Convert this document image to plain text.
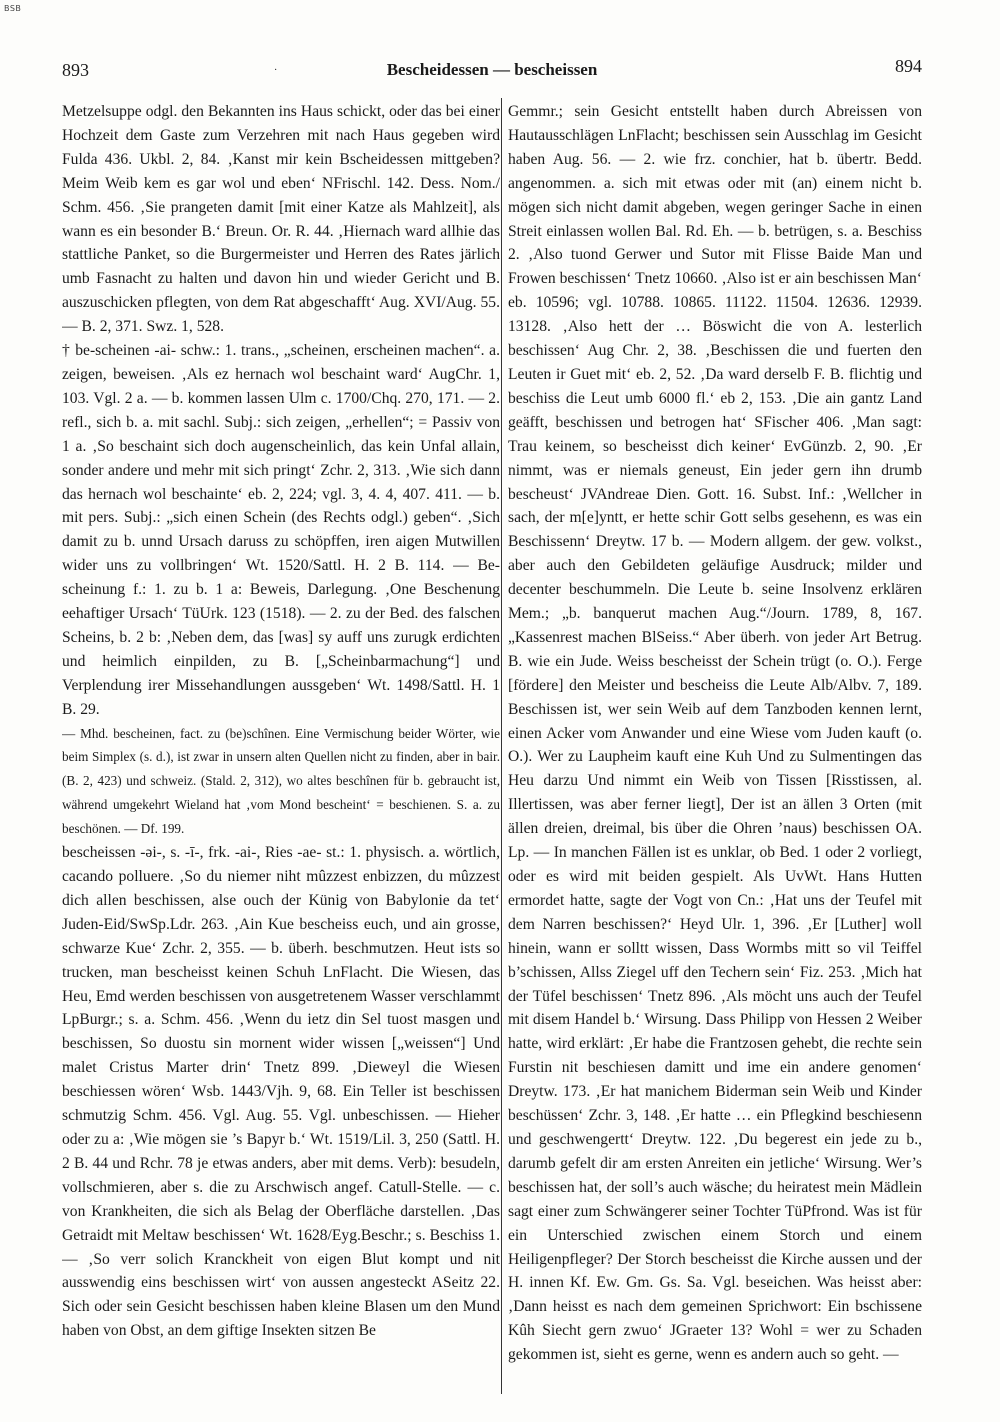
BSB
893	·	Bescheidessen — bescheissen	894

Metzelsuppe odgl. den Bekannten ins Haus schickt, oder das bei einer Hochzeit dem Gaste zum Verzehren mit nach Haus gegeben wird Fulda 436. Ukbl. 2, 84. ‚Kanst mir kein Bscheidessen mittgeben? Meim Weib kem es gar wol und eben‘ NFrischl. 142. Dess. Nom./ Schm. 456. ‚Sie prangeten damit [mit einer Katze als Mahlzeit], als wann es ein besonder B.‘ Breun. Or. R. 44. ‚Hiernach ward allhie das stattliche Panket, so die Burgermeister und Herren des Rates järlich umb Fasnacht zu halten und davon hin und wieder Gericht und B. auszuschicken pflegten, von dem Rat abgeschafft‘ Aug. XVI/Aug. 55. — B. 2, 371. Swz. 1, 528.

† be-scheinen -ai- schw.: 1. trans., „scheinen, erscheinen machen“. a. zeigen, beweisen. ‚Als ez hernach wol beschaint ward‘ AugChr. 1, 103. Vgl. 2 a. — b. kommen lassen Ulm c. 1700/Chq. 270, 171. — 2. refl., sich b. a. mit sachl. Subj.: sich zeigen, „erhellen“; = Passiv von 1 a. ‚So beschaint sich doch augenscheinlich, das kein Unfal allain, sonder andere und mehr mit sich pringt‘ Zchr. 2, 313. ‚Wie sich dann das hernach wol beschainte‘ eb. 2, 224; vgl. 3, 4. 4, 407. 411. — b. mit pers. Subj.: „sich einen Schein (des Rechts odgl.) geben“. ‚Sich damit zu b. unnd Ursach daruss zu schöpffen, iren aigen Mutwillen wider uns zu vollbringen‘ Wt. 1520/Sattl. H. 2 B. 114. — Be-scheinung f.: 1. zu b. 1 a: Beweis, Darlegung. ‚One Beschenung eehaftiger Ursach‘ TüUrk. 123 (1518). — 2. zu der Bed. des falschen Scheins, b. 2 b: ‚Neben dem, das [was] sy auff uns zurugk erdichten und heimlich einpilden, zu B. [„Scheinbarmachung“] und Verplendung irer Missehandlungen aussgeben‘ Wt. 1498/Sattl. H. 1 B. 29.

— Mhd. bescheinen, fact. zu (be)schînen. Eine Vermischung beider Wörter, wie beim Simplex (s. d.), ist zwar in unsern alten Quellen nicht zu finden, aber in bair. (B. 2, 423) und schweiz. (Stald. 2, 312), wo altes beschînen für b. gebraucht ist, während umgekehrt Wieland hat ‚vom Mond bescheint‘ = beschienen. S. a. zu beschönen. — Df. 199.

bescheissen -əi-, s. -ī-, frk. -ai-, Ries -ae- st.: 1. physisch. a. wörtlich, cacando polluere. ‚So du niemer niht mûzzest enbizzen, du mûzzest dich allen beschissen, alse ouch der Künig von Babylonie da tet‘ Juden-Eid/SwSp.Ldr. 263. ‚Ain Kue bescheiss euch, und ain grosse, schwarze Kue‘ Zchr. 2, 355. — b. überh. beschmutzen. Heut ists so trucken, man bescheisst keinen Schuh LnFlacht. Die Wiesen, das Heu, Emd werden beschissen von ausgetretenem Wasser verschlammt LpBurgr.; s. a. Schm. 456. ‚Wenn du ietz din Sel tuost masgen und beschissen, So duostu sin mornent wider wissen [„weissen“] Und malet Cristus Marter drin‘ Tnetz 899. ‚Dieweyl die Wiesen beschiessen wören‘ Wsb. 1443/Vjh. 9, 68. Ein Teller ist beschissen schmutzig Schm. 456. Vgl. Aug. 55. Vgl. unbeschissen. — Hieher oder zu a: ‚Wie mögen sie ’s Bapyr b.‘ Wt. 1519/Lil. 3, 250 (Sattl. H. 2 B. 44 und Rchr. 78 je etwas anders, aber mit dems. Verb): besudeln, vollschmieren, aber s. die zu Arschwisch angef. Catull-Stelle. — c. von Krankheiten, die sich als Belag der Oberfläche darstellen. ‚Das Getraidt mit Meltaw beschissen‘ Wt. 1628/Eyg.Beschr.; s. Beschiss 1. — ‚So verr solich Kranckheit von eigen Blut kompt und nit ausswendig eins beschissen wirt‘ von aussen angesteckt ASeitz 22. Sich oder sein Gesicht beschissen haben kleine Blasen um den Mund haben von Obst, an dem giftige Insekten sitzen Be

Gemmr.; sein Gesicht entstellt haben durch Abreissen von Hautausschlägen LnFlacht; beschissen sein Ausschlag im Gesicht haben Aug. 56. — 2. wie frz. conchier, hat b. übertr. Bedd. angenommen. a. sich mit etwas oder mit (an) einem nicht b. mögen sich nicht damit abgeben, wegen geringer Sache in einen Streit einlassen wollen Bal. Rd. Eh. — b. betrügen, s. a. Beschiss 2. ‚Also tuond Gerwer und Sutor mit Flisse Baide Man und Frowen beschissen‘ Tnetz 10660. ‚Also ist er ain beschissen Man‘ eb. 10596; vgl. 10788. 10865. 11122. 11504. 12636. 12939. 13128. ‚Also hett der … Böswicht die von A. lesterlich beschissen‘ Aug Chr. 2, 38. ‚Beschissen die und fuerten den Leuten ir Guet mit‘ eb. 2, 52. ‚Da ward derselb F. B. flichtig und beschiss die Leut umb 6000 fl.‘ eb 2, 153. ‚Die ain gantz Land geäfft, beschissen und betrogen hat‘ SFischer 406. ‚Man sagt: Trau keinem, so bescheisst dich keiner‘ EvGünzb. 2, 90. ‚Er nimmt, was er niemals geneust, Ein jeder gern ihn drumb bescheust‘ JVAndreae Dien. Gott. 16. Subst. Inf.: ‚Wellcher in sach, der m[e]yntt, er hette schir Gott selbs gesehenn, es was ein Beschissenn‘ Dreytw. 17 b. — Modern allgem. der gew. volkst., aber auch den Gebildeten geläufige Ausdruck; milder und decenter beschummeln. Die Leute b. seine Insolvenz erklären Mem.; „b. banquerut machen Aug.“/Journ. 1789, 8, 167. „Kassenrest machen BlSeiss.“ Aber überh. von jeder Art Betrug. B. wie ein Jude. Weiss bescheisst der Schein trügt (o. O.). Ferge [fördere] den Meister und bescheiss die Leute Alb/Albv. 7, 189. Beschissen ist, wer sein Weib auf dem Tanzboden kennen lernt, einen Acker vom Anwander und eine Wiese vom Juden kauft (o. O.). Wer zu Laupheim kauft eine Kuh Und zu Sulmentingen das Heu darzu Und nimmt ein Weib von Tissen [Risstissen, al. Illertissen, was aber ferner liegt], Der ist an ällen 3 Orten (mit ällen dreien, dreimal, bis über die Ohren ’naus) beschissen OA. Lp. — In manchen Fällen ist es unklar, ob Bed. 1 oder 2 vorliegt, oder es wird mit beiden gespielt. Als UvWt. Hans Hutten ermordet hatte, sagte der Vogt von Cn.: ‚Hat uns der Teufel mit dem Narren beschissen?‘ Heyd Ulr. 1, 396. ‚Er [Luther] woll hinein, wann er solltt wissen, Dass Wormbs mitt so vil Teiffel b’schissen, Allss Ziegel uff den Techern sein‘ Fiz. 253. ‚Mich hat der Tüfel beschissen‘ Tnetz 896. ‚Als möcht uns auch der Teufel mit disem Handel b.‘ Wirsung. Dass Philipp von Hessen 2 Weiber hatte, wird erklärt: ‚Er habe die Frantzosen gehebt, die rechte sein Furstin nit beschiesen damitt und ime ein andere genomen‘ Dreytw. 173. ‚Er hat manichem Biderman sein Weib und Kinder beschüssen‘ Zchr. 3, 148. ‚Er hatte … ein Pflegkind beschiesenn und geschwengertt‘ Dreytw. 122. ‚Du begerest ein jede zu b., darumb gefelt dir am ersten Anreiten ein jetliche‘ Wirsung. Wer’s beschissen hat, der soll’s auch wäsche; du heiratest mein Mädlein sagt einer zum Schwängerer seiner Tochter TüPfrond. Was ist für ein Unterschied zwischen einem Storch und einem Heiligenpfleger? Der Storch bescheisst die Kirche aussen und der H. innen Kf. Ew. Gm. Gs. Sa. Vgl. beseichen. Was heisst aber: ‚Dann heisst es nach dem gemeinen Sprichwort: Ein bschissene Kûh Siecht gern zwuo‘ JGraeter 13? Wohl = wer zu Schaden gekommen ist, sieht es gerne, wenn es andern auch so geht. —
